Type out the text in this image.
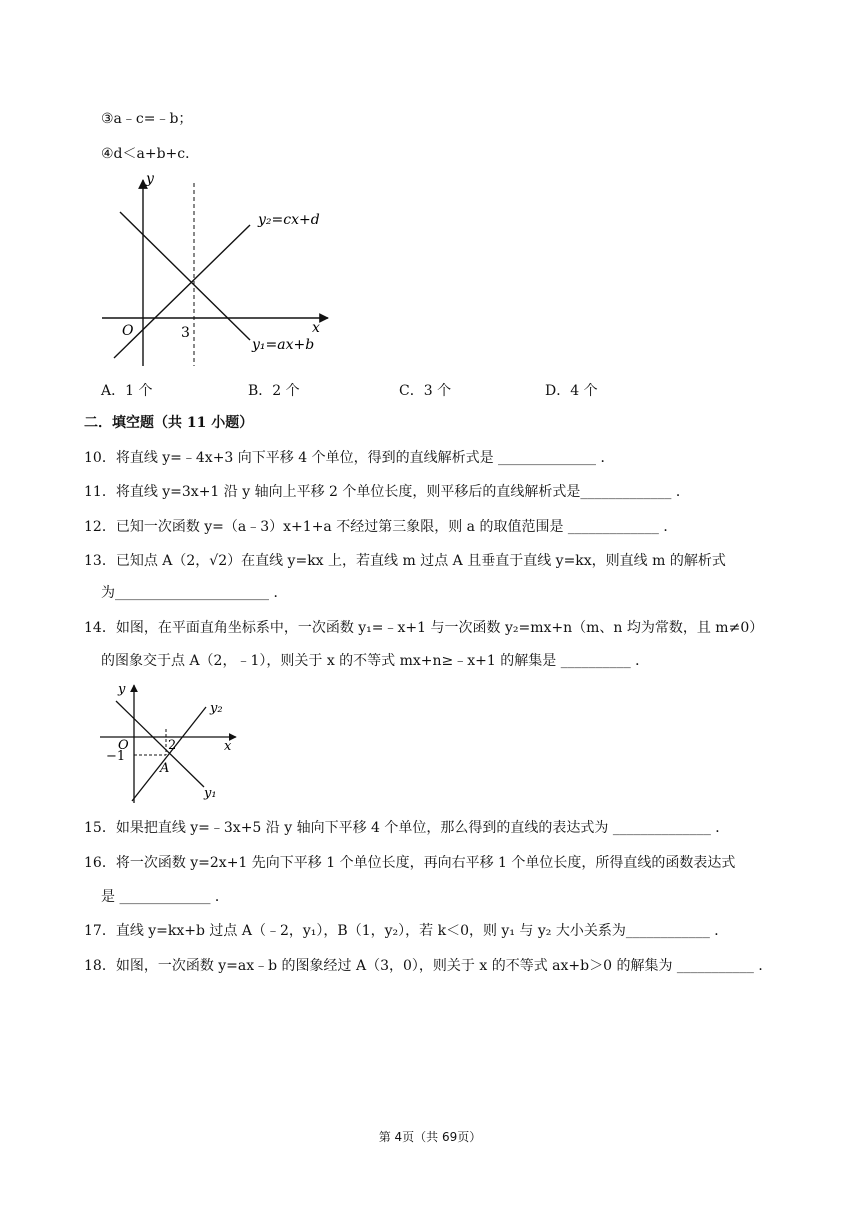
③a﹣c=﹣b；
④d＜a+b+c．
y
x
O	3
y₁=ax+b
y₂=cx+d
A．1 个	B．2 个	C．3 个	D．4 个
二．填空题（共 11 小题）
10．将直线 y=﹣4x+3 向下平移 4 个单位，得到的直线解析式是 ______________ ．
11．将直线 y=3x+1 沿 y 轴向上平移 2 个单位长度，则平移后的直线解析式是_____________ ．
12．已知一次函数 y=（a﹣3）x+1+a 不经过第三象限，则 a 的取值范围是 _____________ ．
13．已知点 A（2，√2）在直线 y=kx 上，若直线 m 过点 A 且垂直于直线 y=kx，则直线 m 的解析式
为______________________ ．
14．如图，在平面直角坐标系中，一次函数 y₁=﹣x+1 与一次函数 y₂=mx+n（m、n 均为常数，且 m≠0）
的图象交于点 A（2，﹣1），则关于 x 的不等式 mx+n≥﹣x+1 的解集是 __________ ．
y
x
O	2
−1
A
y₁
y₂
15．如果把直线 y=﹣3x+5 沿 y 轴向下平移 4 个单位，那么得到的直线的表达式为 ______________ ．
16．将一次函数 y=2x+1 先向下平移 1 个单位长度，再向右平移 1 个单位长度，所得直线的函数表达式
是 _____________ ．
17．直线 y=kx+b 过点 A（﹣2，y₁），B（1，y₂），若 k＜0，则 y₁ 与 y₂ 大小关系为____________ ．
18．如图，一次函数 y=ax﹣b 的图象经过 A（3，0），则关于 x 的不等式 ax+b＞0 的解集为 ___________ ．
第 4页（共 69页）
